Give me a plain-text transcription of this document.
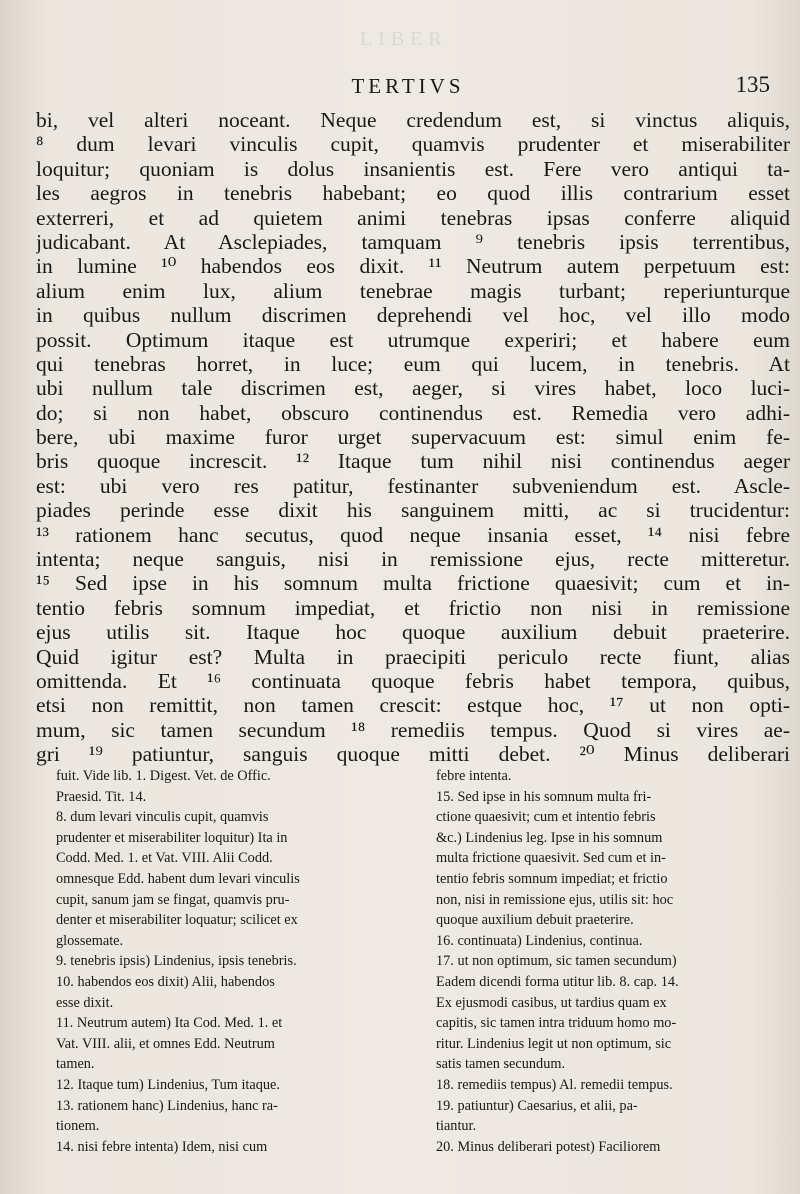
LIBER
TERTIVS	135
bi, vel alteri noceant. Neque credendum est, si vinctus aliquis,
⁸ dum levari vinculis cupit, quamvis prudenter et miserabiliter
loquitur; quoniam is dolus insanientis est. Fere vero antiqui ta-
les aegros in tenebris habebant; eo quod illis contrarium esset
exterreri, et ad quietem animi tenebras ipsas conferre aliquid
judicabant. At Asclepiades, tamquam ⁹ tenebris ipsis terrentibus,
in lumine ¹⁰ habendos eos dixit. ¹¹ Neutrum autem perpetuum est:
alium enim lux, alium tenebrae magis turbant; reperiunturque
in quibus nullum discrimen deprehendi vel hoc, vel illo modo
possit. Optimum itaque est utrumque experiri; et habere eum
qui tenebras horret, in luce; eum qui lucem, in tenebris. At
ubi nullum tale discrimen est, aeger, si vires habet, loco luci-
do; si non habet, obscuro continendus est. Remedia vero adhi-
bere, ubi maxime furor urget supervacuum est: simul enim fe-
bris quoque increscit. ¹² Itaque tum nihil nisi continendus aeger
est: ubi vero res patitur, festinanter subveniendum est. Ascle-
piades perinde esse dixit his sanguinem mitti, ac si trucidentur:
¹³ rationem hanc secutus, quod neque insania esset, ¹⁴ nisi febre
intenta; neque sanguis, nisi in remissione ejus, recte mitteretur.
¹⁵ Sed ipse in his somnum multa frictione quaesivit; cum et in-
tentio febris somnum impediat, et frictio non nisi in remissione
ejus utilis sit. Itaque hoc quoque auxilium debuit praeterire.
Quid igitur est? Multa in praecipiti periculo recte fiunt, alias
omittenda. Et ¹⁶ continuata quoque febris habet tempora, quibus,
etsi non remittit, non tamen crescit: estque hoc, ¹⁷ ut non opti-
mum, sic tamen secundum ¹⁸ remediis tempus. Quod si vires ae-
gri ¹⁹ patiuntur, sanguis quoque mitti debet. ²⁰ Minus deliberari
fuit. Vide lib. 1. Digest. Vet. de Offic.
Praesid. Tit. 14.
8. dum levari vinculis cupit, quamvis
prudenter et miserabiliter loquitur) Ita in
Codd. Med. 1. et Vat. VIII. Alii Codd.
omnesque Edd. habent dum levari vinculis
cupit, sanum jam se fingat, quamvis pru-
denter et miserabiliter loquatur; scilicet ex
glossemate.
9. tenebris ipsis) Lindenius, ipsis tenebris.
10. habendos eos dixit) Alii, habendos
esse dixit.
11. Neutrum autem) Ita Cod. Med. 1. et
Vat. VIII. alii, et omnes Edd. Neutrum
tamen.
12. Itaque tum) Lindenius, Tum itaque.
13. rationem hanc) Lindenius, hanc ra-
tionem.
14. nisi febre intenta) Idem, nisi cum
febre intenta.
15. Sed ipse in his somnum multa fri-
ctione quaesivit; cum et intentio febris
&c.) Lindenius leg. Ipse in his somnum
multa frictione quaesivit. Sed cum et in-
tentio febris somnum impediat; et frictio
non, nisi in remissione ejus, utilis sit: hoc
quoque auxilium debuit praeterire.
16. continuata) Lindenius, continua.
17. ut non optimum, sic tamen secundum)
Eadem dicendi forma utitur lib. 8. cap. 14.
Ex ejusmodi casibus, ut tardius quam ex
capitis, sic tamen intra triduum homo mo-
ritur. Lindenius legit ut non optimum, sic
satis tamen secundum.
18. remediis tempus) Al. remedii tempus.
19. patiuntur) Caesarius, et alii, pa-
tiantur.
20. Minus deliberari potest) Faciliorem
